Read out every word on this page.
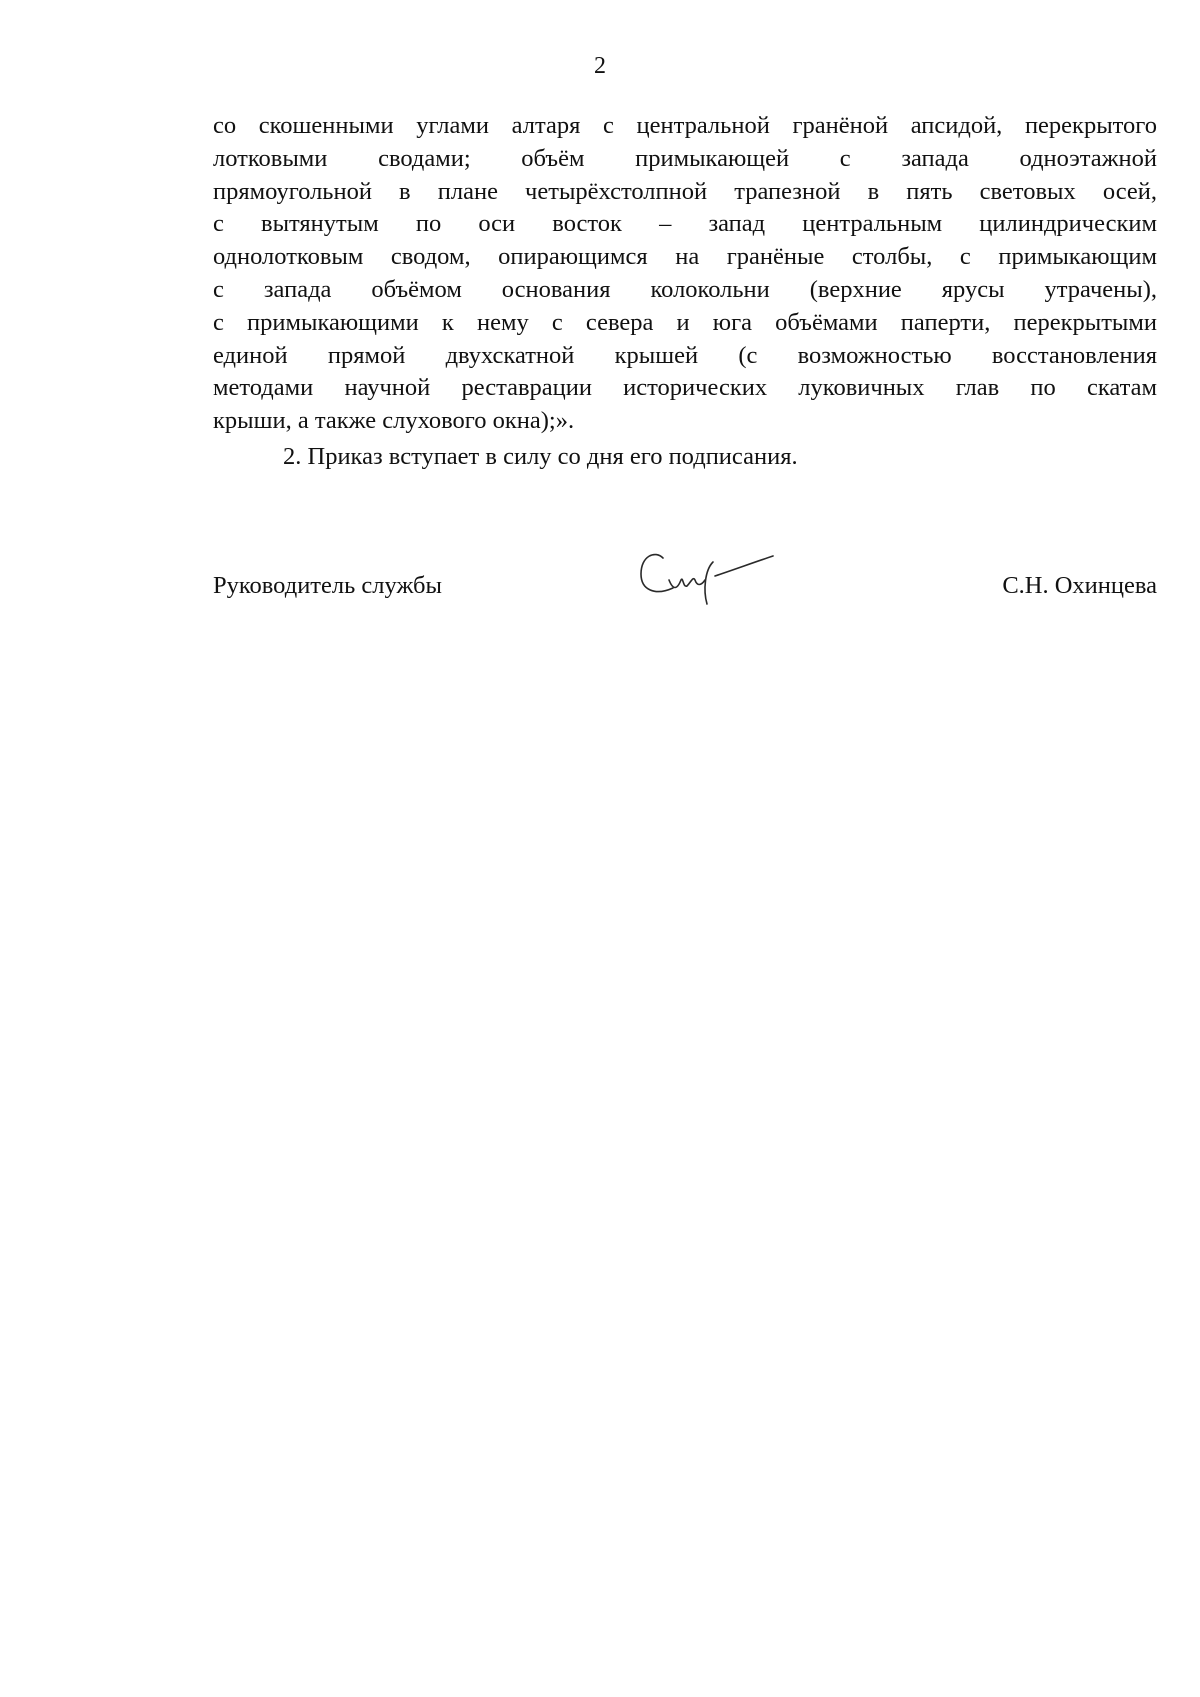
2
со скошенными углами алтаря с центральной гранёной апсидой, перекрытого
лотковыми сводами; объём примыкающей с запада одноэтажной
прямоугольной в плане четырёхстолпной трапезной в пять световых осей,
с вытянутым по оси восток – запад центральным цилиндрическим
однолотковым сводом, опирающимся на гранёные столбы, с примыкающим
с запада объёмом основания колокольни (верхние ярусы утрачены),
с примыкающими к нему с севера и юга объёмами паперти, перекрытыми
единой прямой двухскатной крышей (с возможностью восстановления
методами научной реставрации исторических луковичных глав по скатам
крыши, а также слухового окна);».
2. Приказ вступает в силу со дня его подписания.
Руководитель службы	С.Н. Охинцева
